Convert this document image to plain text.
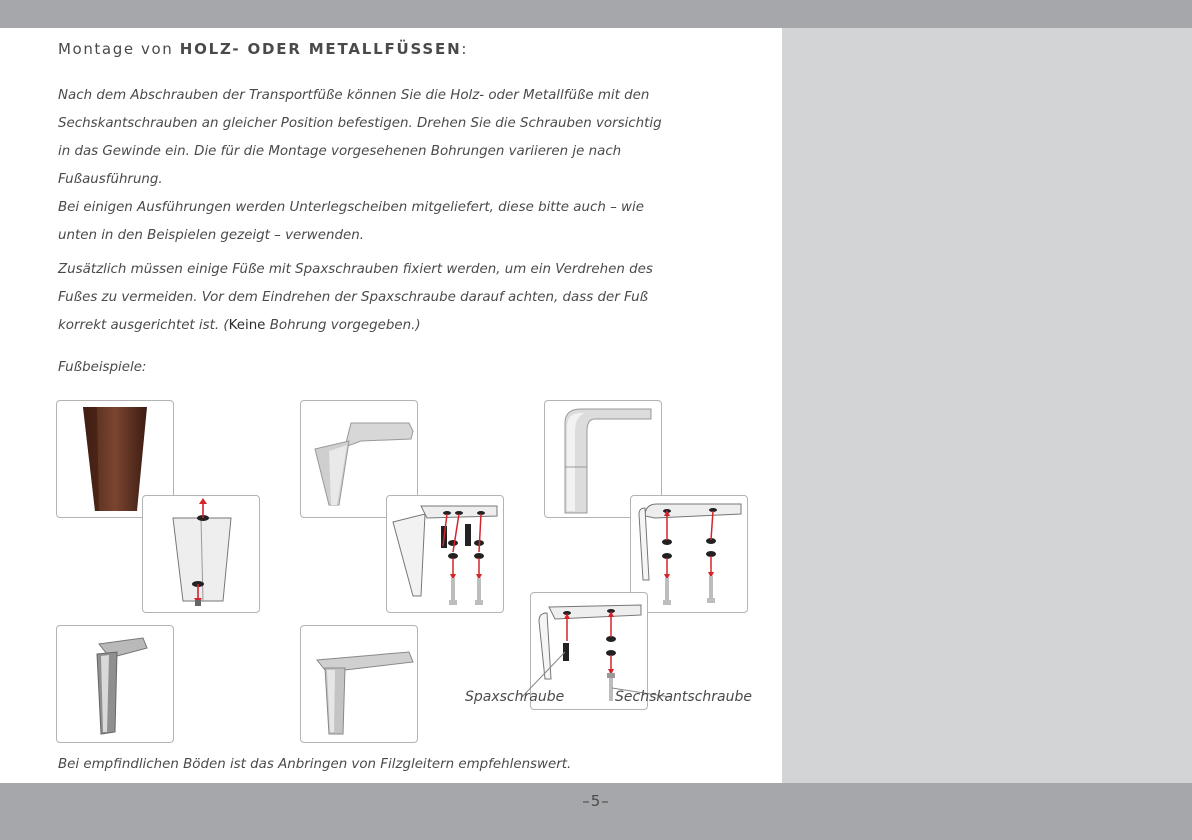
Montage von HOLZ- ODER METALLFÜSSEN:
Nach dem Abschrauben der Transportfüße können Sie die Holz- oder Metallfüße mit den
Sechskantschrauben an gleicher Position befestigen. Drehen Sie die Schrauben vorsichtig
in das Gewinde ein. Die für die Montage vorgesehenen Bohrungen variieren je nach
Fußausführung.
Bei einigen Ausführungen werden Unterlegscheiben mitgeliefert, diese bitte auch – wie
unten in den Beispielen gezeigt – verwenden.
Zusätzlich müssen einige Füße mit Spaxschrauben fixiert werden, um ein Verdrehen des
Fußes zu vermeiden. Vor dem Eindrehen der Spaxschraube darauf achten, dass der Fuß
korrekt ausgerichtet ist. (Keine Bohrung vorgegeben.)
Fußbeispiele:
Spaxschraube	Sechskantschraube
Bei empfindlichen Böden ist das Anbringen von Filzgleitern empfehlenswert.
–5–
